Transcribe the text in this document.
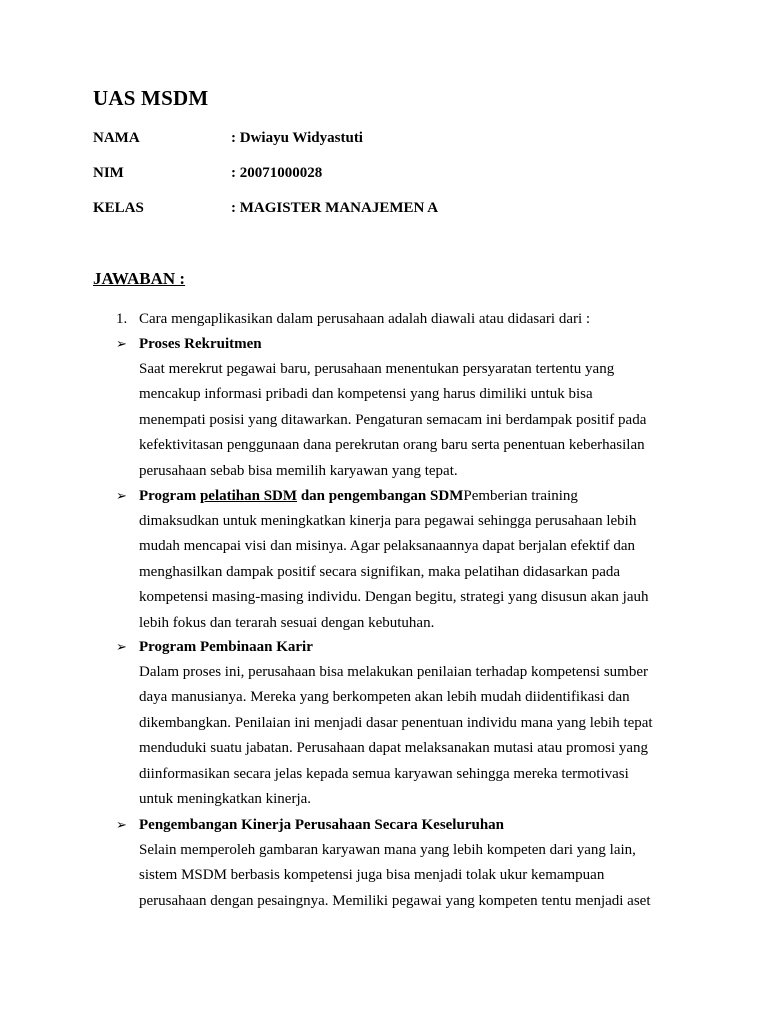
UAS MSDM
NAMA	: Dwiayu Widyastuti
NIM	: 20071000028
KELAS	: MAGISTER MANAJEMEN A
JAWABAN :
1. Cara mengaplikasikan dalam perusahaan adalah diawali atau didasari dari :
➢ Proses Rekruitmen
Saat merekrut pegawai baru, perusahaan menentukan persyaratan tertentu yang
mencakup informasi pribadi dan kompetensi yang harus dimiliki untuk bisa
menempati posisi yang ditawarkan. Pengaturan semacam ini berdampak positif pada
kefektivitasan penggunaan dana perekrutan orang baru serta penentuan keberhasilan
perusahaan sebab bisa memilih karyawan yang tepat.
➢ Program pelatihan SDM dan pengembangan SDMPemberian training
dimaksudkan untuk meningkatkan kinerja para pegawai sehingga perusahaan lebih
mudah mencapai visi dan misinya. Agar pelaksanaannya dapat berjalan efektif dan
menghasilkan dampak positif secara signifikan, maka pelatihan didasarkan pada
kompetensi masing-masing individu. Dengan begitu, strategi yang disusun akan jauh
lebih fokus dan terarah sesuai dengan kebutuhan.
➢ Program Pembinaan Karir
Dalam proses ini, perusahaan bisa melakukan penilaian terhadap kompetensi sumber
daya manusianya. Mereka yang berkompeten akan lebih mudah diidentifikasi dan
dikembangkan. Penilaian ini menjadi dasar penentuan individu mana yang lebih tepat
menduduki suatu jabatan. Perusahaan dapat melaksanakan mutasi atau promosi yang
diinformasikan secara jelas kepada semua karyawan sehingga mereka termotivasi
untuk meningkatkan kinerja.
➢ Pengembangan Kinerja Perusahaan Secara Keseluruhan
Selain memperoleh gambaran karyawan mana yang lebih kompeten dari yang lain,
sistem MSDM berbasis kompetensi juga bisa menjadi tolak ukur kemampuan
perusahaan dengan pesaingnya. Memiliki pegawai yang kompeten tentu menjadi aset
